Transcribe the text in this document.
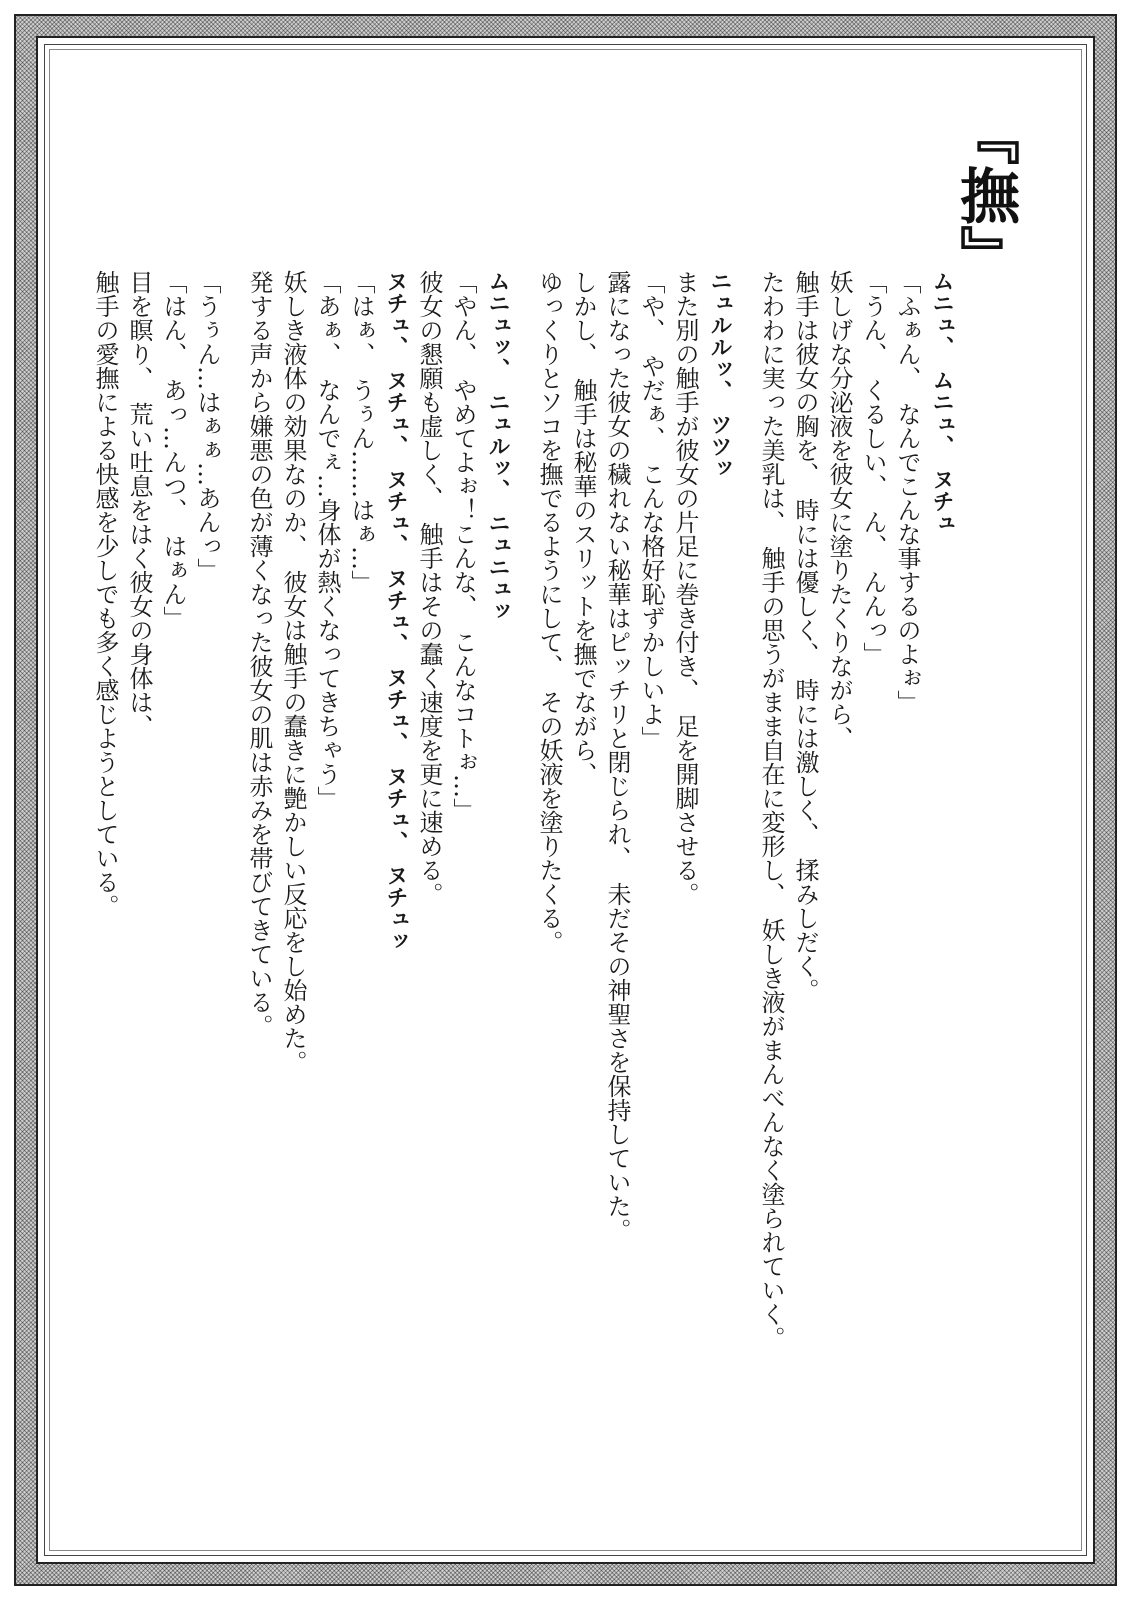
『撫』
ムニュ、　ムニュ、　ヌチュ
「ふぁん、　なんでこんな事するのよぉ」
「うん、　くるしい、　ん、　んんっ」
妖しげな分泌液を彼女に塗りたくりながら、
触手は彼女の胸を、　時には優しく、　時には激しく、　揉みしだく。
たわわに実った美乳は、　触手の思うがまま自在に変形し、　妖しき液がまんべんなく塗られていく。
ニュルルッ、　ツツッ
また別の触手が彼女の片足に巻き付き、　足を開脚させる。
「や、　やだぁ、　こんな格好恥ずかしいよ」
露になった彼女の穢れない秘華はピッチリと閉じられ、　未だその神聖さを保持していた。
しかし、　触手は秘華のスリットを撫でながら、
ゆっくりとソコを撫でるようにして、　その妖液を塗りたくる。
ムニュッ、　ニュルッ、　ニュニュッ
「やん、　やめてよぉ！こんな、　こんなコトぉ…」
彼女の懇願も虚しく、　触手はその蠢く速度を更に速める。
ヌチュ、　ヌチュ、　ヌチュ、　ヌチュ、　ヌチュ、　ヌチュ、　ヌチュッ
「はぁ、　うぅん……はぁ…」
「あぁ、　なんでぇ…身体が熱くなってきちゃう」
妖しき液体の効果なのか、　彼女は触手の蠢きに艶かしい反応をし始めた。
発する声から嫌悪の色が薄くなった彼女の肌は赤みを帯びてきている。
「うぅん…はぁぁ…あんっ」
「はん、　あっ…んつ、　はぁん」
目を瞑り、　荒い吐息をはく彼女の身体は、
触手の愛撫による快感を少しでも多く感じようとしている。
